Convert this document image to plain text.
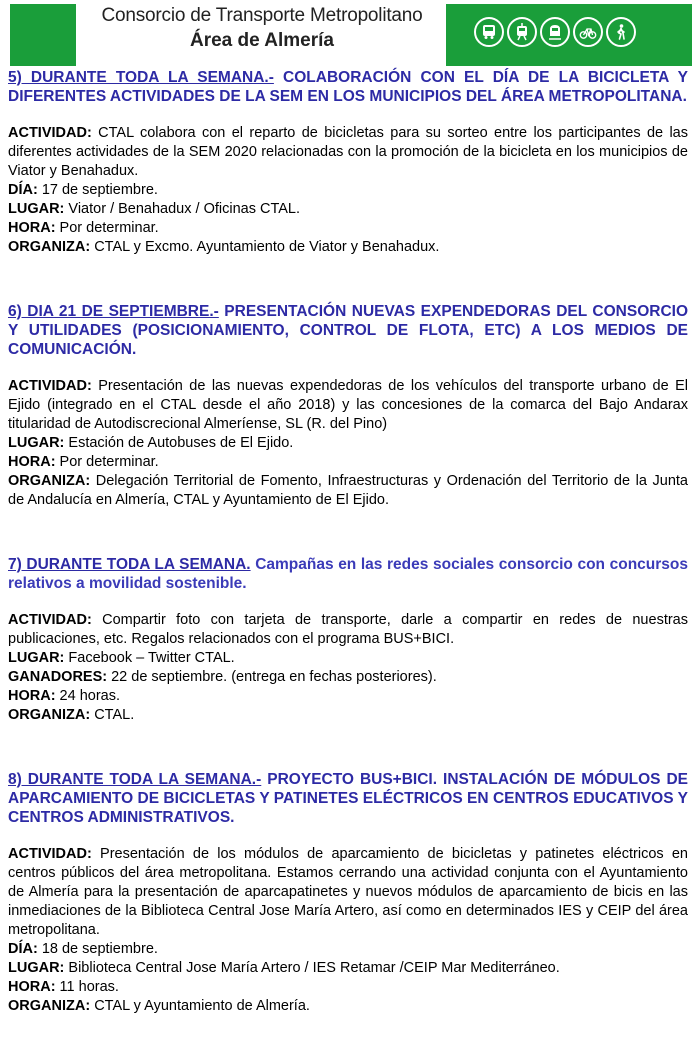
Consorcio de Transporte Metropolitano
Área de Almería

5) DURANTE TODA LA SEMANA.- COLABORACIÓN CON EL DÍA DE LA BICICLETA Y DIFERENTES ACTIVIDADES DE LA SEM EN LOS MUNICIPIOS DEL ÁREA METROPOLITANA.

ACTIVIDAD: CTAL colabora con el reparto de bicicletas para su sorteo entre los participantes de las diferentes actividades de la SEM 2020 relacionadas con la promoción de la bicicleta en los municipios de Viator y Benahadux.

DÍA: 17 de septiembre.

LUGAR: Viator / Benahadux / Oficinas CTAL.

HORA: Por determinar.

ORGANIZA: CTAL y Excmo. Ayuntamiento de Viator y Benahadux.

6) DIA 21 DE SEPTIEMBRE.- PRESENTACIÓN NUEVAS EXPENDEDORAS DEL CONSORCIO Y UTILIDADES (POSICIONAMIENTO, CONTROL DE FLOTA, ETC) A LOS MEDIOS DE COMUNICACIÓN.

ACTIVIDAD: Presentación de las nuevas expendedoras de los vehículos del transporte urbano de El Ejido (integrado en el CTAL desde el año 2018) y las concesiones de la comarca del Bajo Andarax titularidad de Autodiscrecional Almeríense, SL (R. del Pino)

LUGAR: Estación de Autobuses de El Ejido.

HORA: Por determinar.

ORGANIZA: Delegación Territorial de Fomento, Infraestructuras y Ordenación del Territorio de la Junta de Andalucía en Almería, CTAL y Ayuntamiento de El Ejido.

7) DURANTE TODA LA SEMANA. Campañas en las redes sociales consorcio con concursos relativos a movilidad sostenible.

ACTIVIDAD: Compartir foto con tarjeta de transporte, darle a compartir en redes de nuestras publicaciones, etc. Regalos relacionados con el programa BUS+BICI.

LUGAR: Facebook – Twitter CTAL.

GANADORES: 22 de septiembre. (entrega en fechas posteriores).

HORA: 24 horas.

ORGANIZA: CTAL.

8) DURANTE TODA LA SEMANA.- PROYECTO BUS+BICI. INSTALACIÓN DE MÓDULOS DE APARCAMIENTO DE BICICLETAS Y PATINETES ELÉCTRICOS EN CENTROS EDUCATIVOS Y CENTROS ADMINISTRATIVOS.

ACTIVIDAD: Presentación de los módulos de aparcamiento de bicicletas y patinetes eléctricos en centros públicos del área metropolitana. Estamos cerrando una actividad conjunta con el Ayuntamiento de Almería para la presentación de aparcapatinetes y nuevos módulos de aparcamiento de bicis en las inmediaciones de la Biblioteca Central Jose María Artero, así como en determinados IES y CEIP del área metropolitana.

DÍA: 18 de septiembre.

LUGAR: Biblioteca Central Jose María Artero / IES Retamar /CEIP Mar Mediterráneo.

HORA: 11 horas.

ORGANIZA: CTAL y Ayuntamiento de Almería.
